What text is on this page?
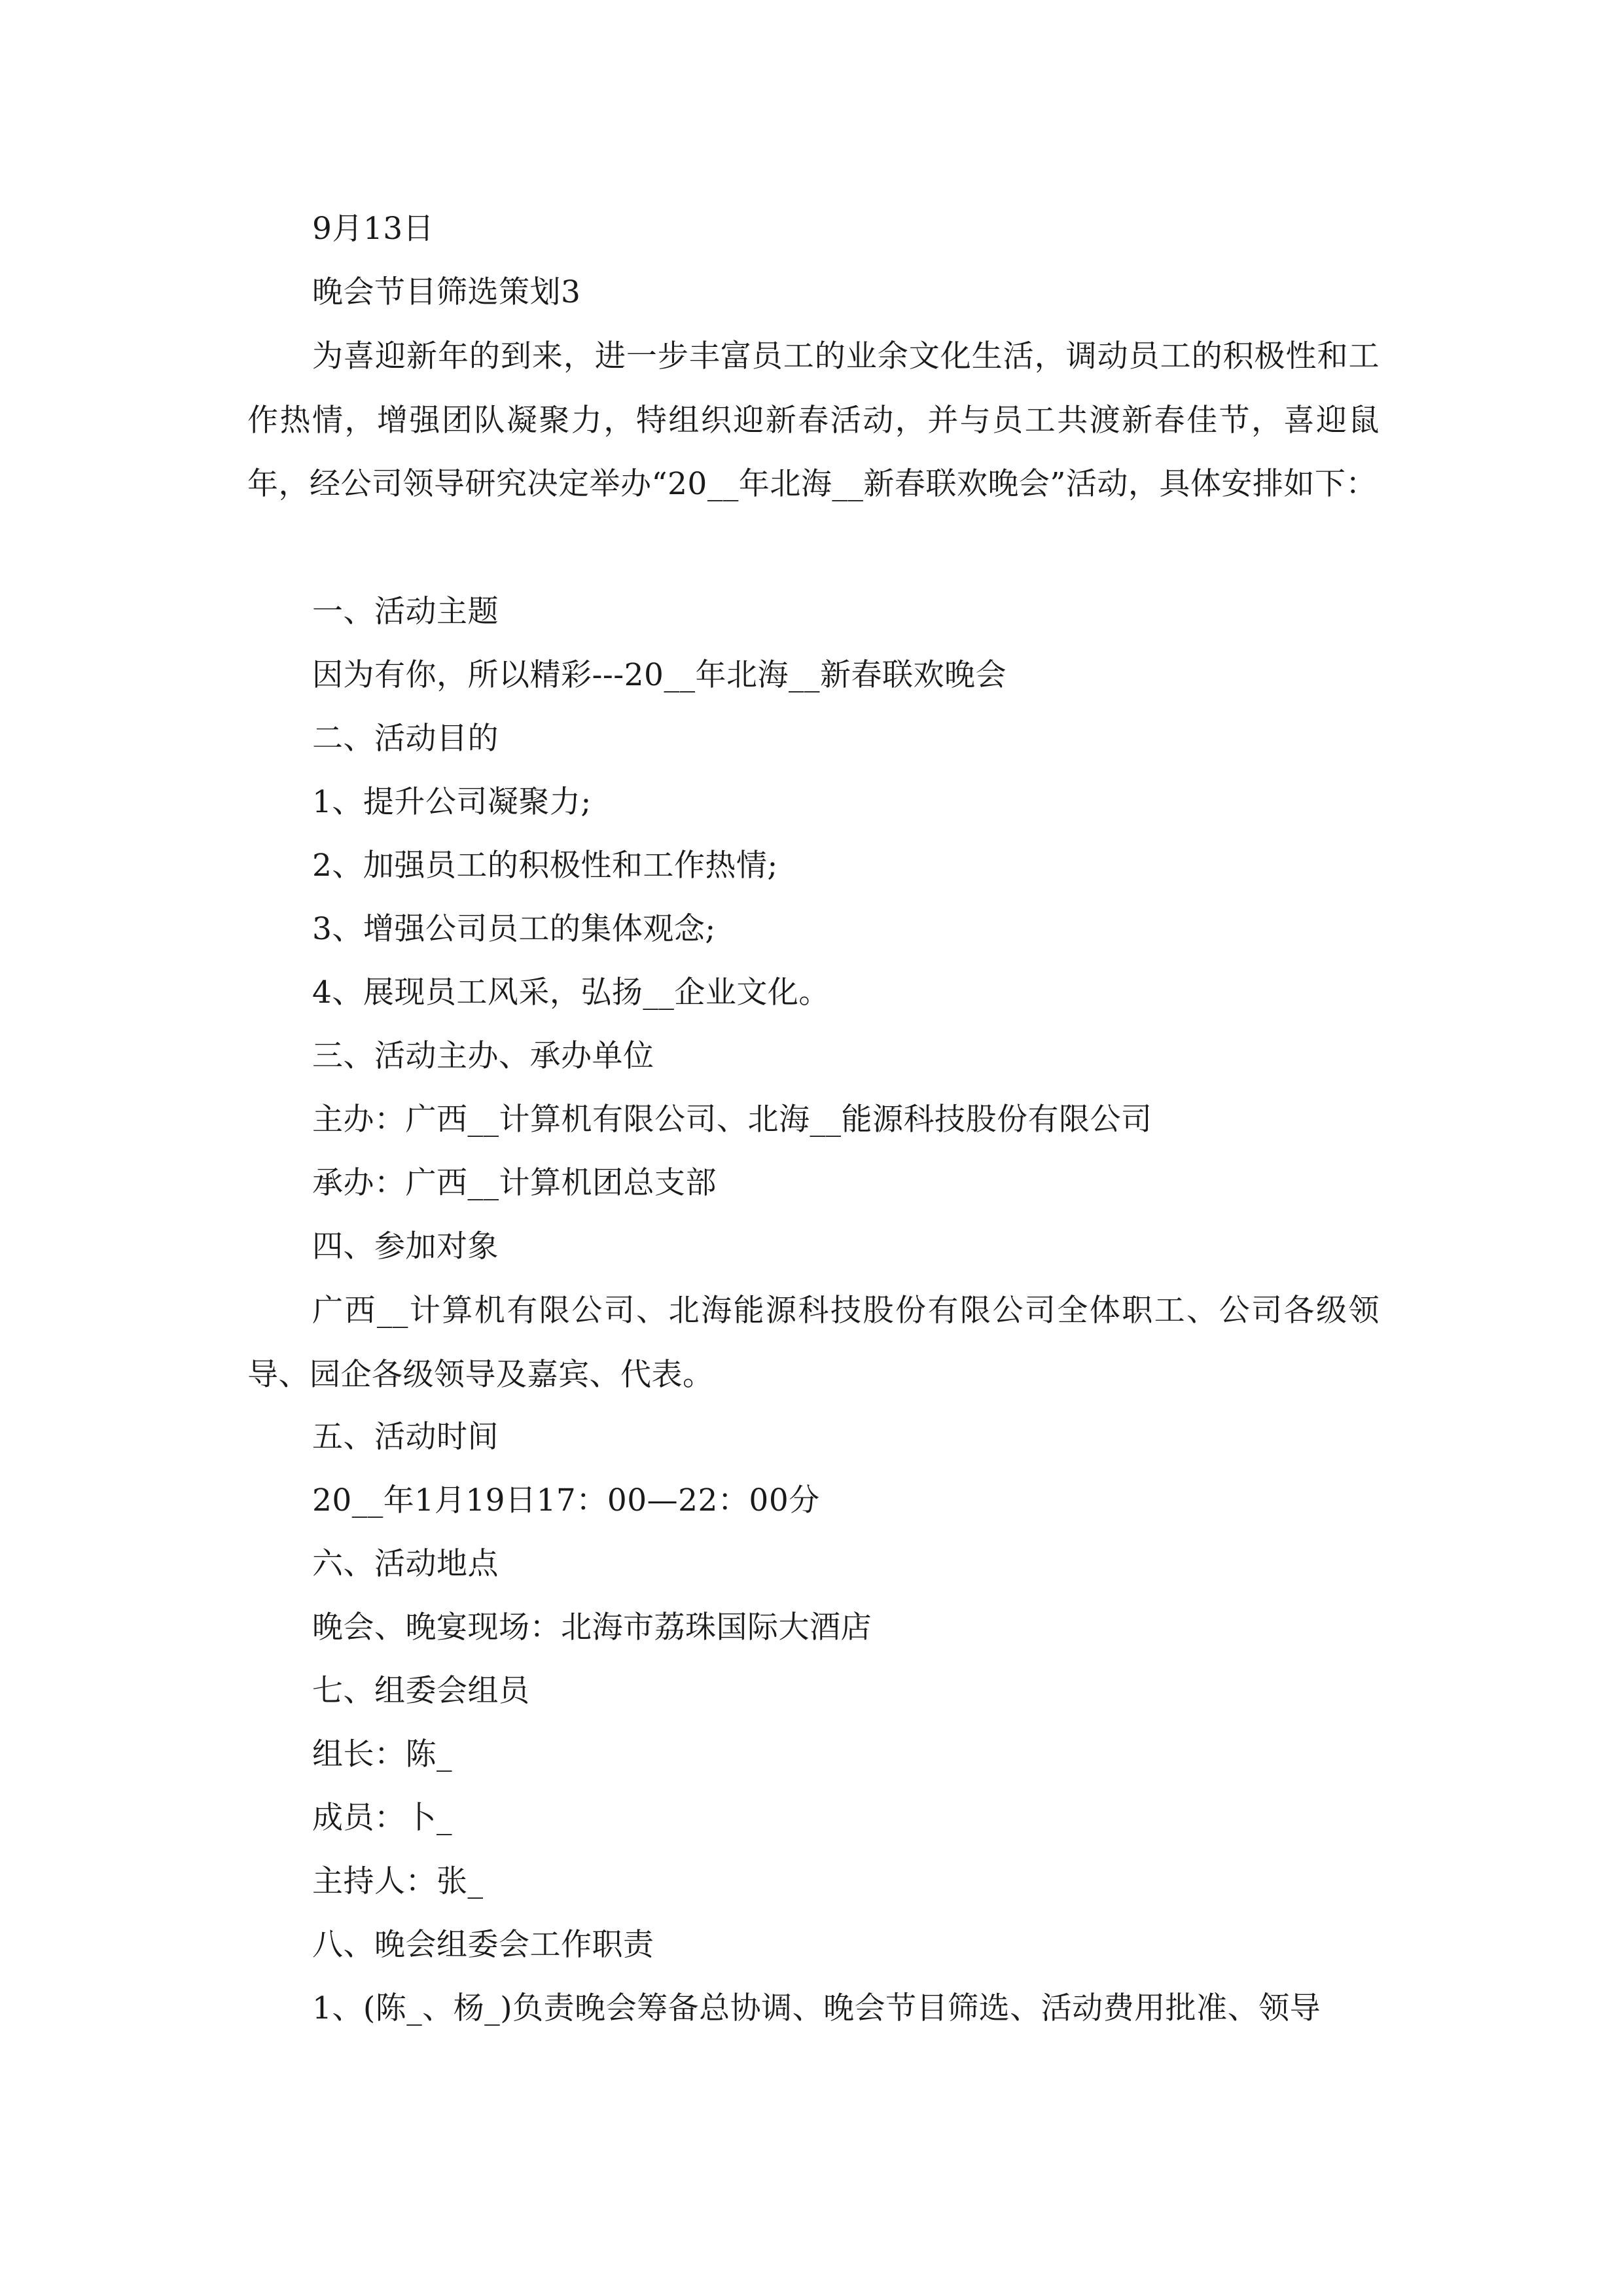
9月13日
晚会节目筛选策划3
为喜迎新年的到来，进一步丰富员工的业余文化生活，调动员工的积极性和工作热情，增强团队凝聚力，特组织迎新春活动，并与员工共渡新春佳节，喜迎鼠年，经公司领导研究决定举办“20__年北海__新春联欢晚会”活动，具体安排如下：
一、活动主题
因为有你，所以精彩---20__年北海__新春联欢晚会
二、活动目的
1、提升公司凝聚力;
2、加强员工的积极性和工作热情;
3、增强公司员工的集体观念;
4、展现员工风采，弘扬__企业文化。
三、活动主办、承办单位
主办：广西__计算机有限公司、北海__能源科技股份有限公司
承办：广西__计算机团总支部
四、参加对象
广西__计算机有限公司、北海能源科技股份有限公司全体职工、公司各级领导、园企各级领导及嘉宾、代表。
五、活动时间
20__年1月19日17：00—22：00分
六、活动地点
晚会、晚宴现场：北海市荔珠国际大酒店
七、组委会组员
组长：陈_
成员：卜_
主持人：张_
八、晚会组委会工作职责
1、(陈_、杨_)负责晚会筹备总协调、晚会节目筛选、活动费用批准、领导
